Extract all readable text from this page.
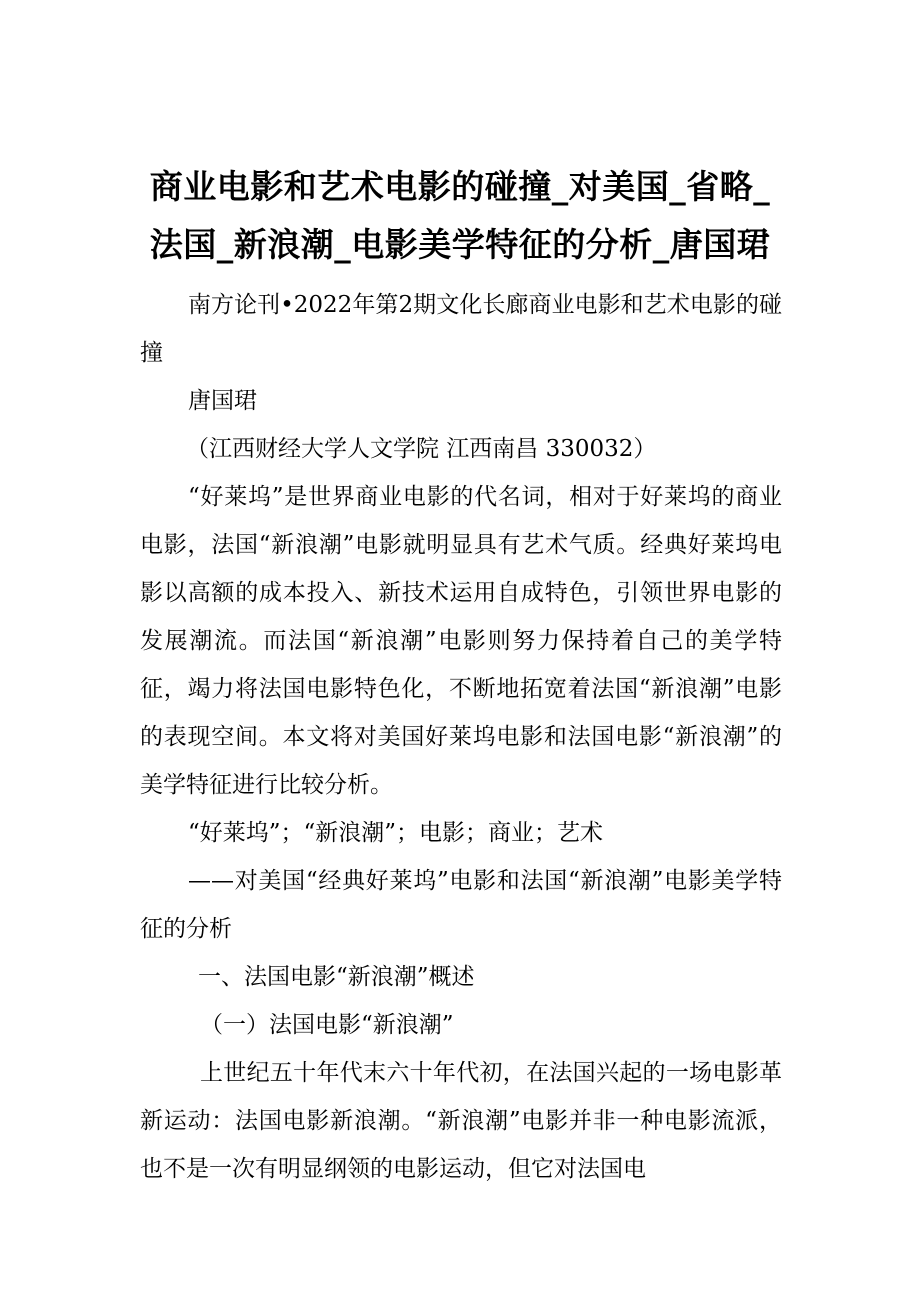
商业电影和艺术电影的碰撞_对美国_省略_
法国_新浪潮_电影美学特征的分析_唐国珺

南方论刊•2022年第2期文化长廊商业电影和艺术电影的碰撞

唐国珺

（江西财经大学人文学院 江西南昌 330032）

“好莱坞”是世界商业电影的代名词，相对于好莱坞的商业电影，法国“新浪潮”电影就明显具有艺术气质。经典好莱坞电影以高额的成本投入、新技术运用自成特色，引领世界电影的发展潮流。而法国“新浪潮”电影则努力保持着自己的美学特征，竭力将法国电影特色化，不断地拓宽着法国“新浪潮”电影的表现空间。本文将对美国好莱坞电影和法国电影“新浪潮”的美学特征进行比较分析。

“好莱坞”；“新浪潮”；电影；商业；艺术

——对美国“经典好莱坞”电影和法国“新浪潮”电影美学特征的分析

一、法国电影“新浪潮”概述

（一）法国电影“新浪潮”

上世纪五十年代末六十年代初，在法国兴起的一场电影革新运动：法国电影新浪潮。“新浪潮”电影并非一种电影流派，也不是一次有明显纲领的电影运动，但它对法国电
